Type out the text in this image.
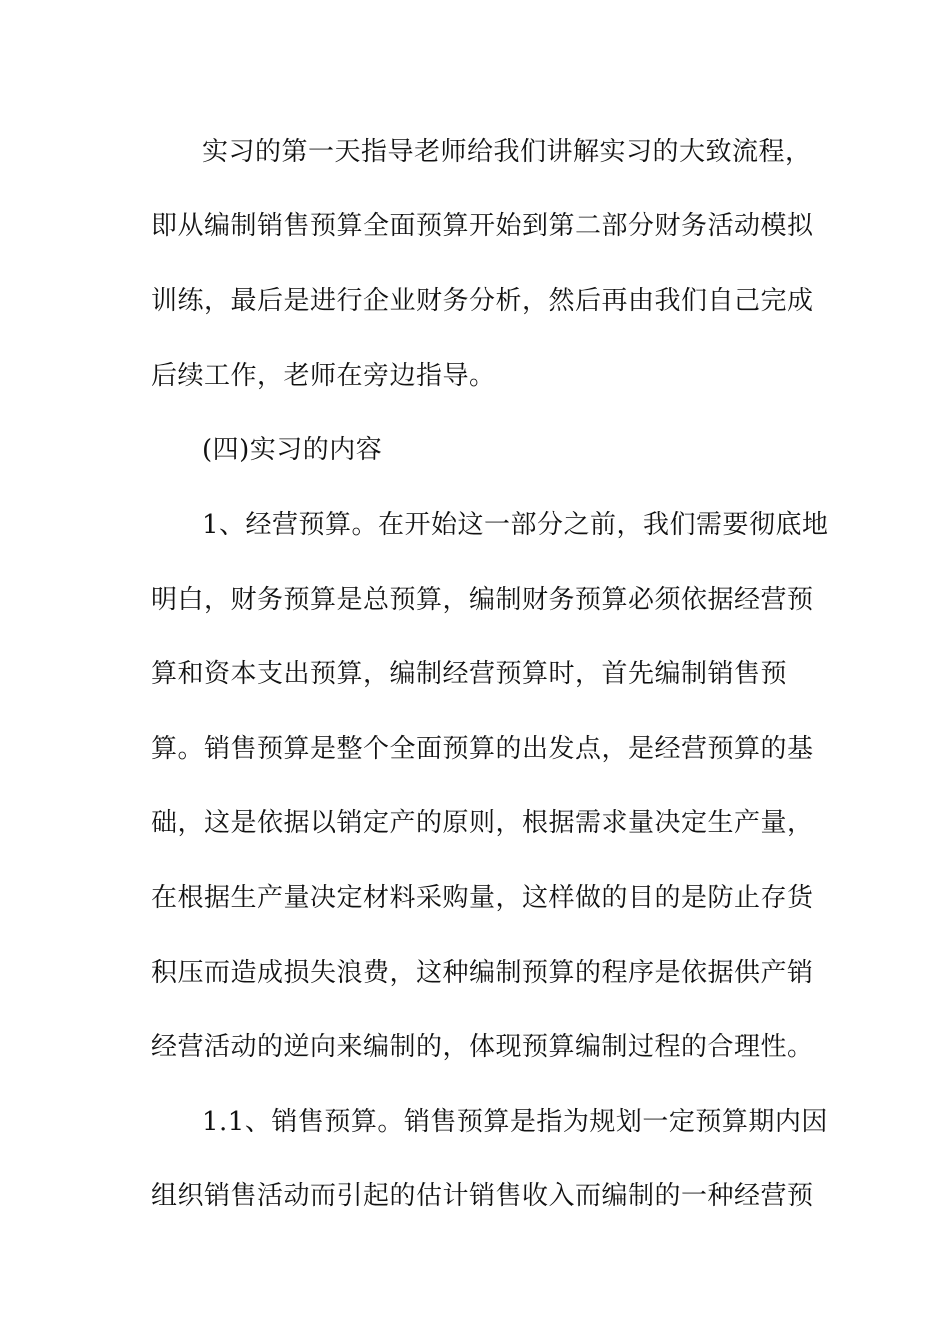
实习的第一天指导老师给我们讲解实习的大致流程，
即从编制销售预算全面预算开始到第二部分财务活动模拟
训练，最后是进行企业财务分析，然后再由我们自己完成
后续工作，老师在旁边指导。
(四)实习的内容
1、经营预算。在开始这一部分之前，我们需要彻底地
明白，财务预算是总预算，编制财务预算必须依据经营预
算和资本支出预算，编制经营预算时，首先编制销售预
算。销售预算是整个全面预算的出发点，是经营预算的基
础，这是依据以销定产的原则，根据需求量决定生产量，
在根据生产量决定材料采购量，这样做的目的是防止存货
积压而造成损失浪费，这种编制预算的程序是依据供产销
经营活动的逆向来编制的，体现预算编制过程的合理性。
1.1、销售预算。销售预算是指为规划一定预算期内因
组织销售活动而引起的估计销售收入而编制的一种经营预
